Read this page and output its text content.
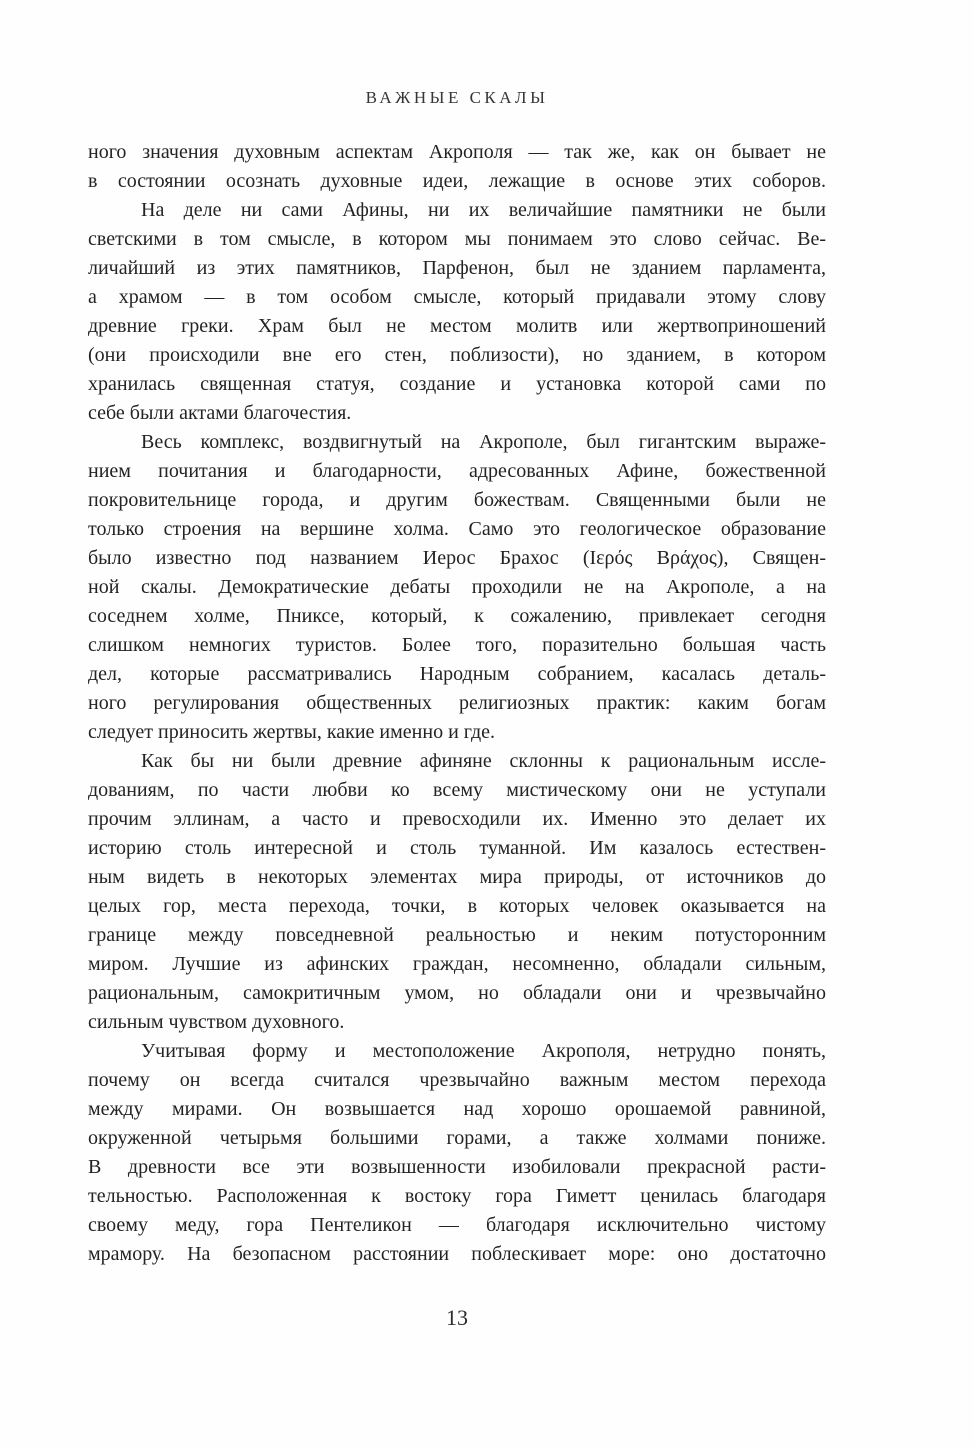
ВАЖНЫЕ СКАЛЫ
ного значения духовным аспектам Акрополя — так же, как он бывает не
в состоянии осознать духовные идеи, лежащие в основе этих соборов.
На деле ни сами Афины, ни их величайшие памятники не были
светскими в том смысле, в котором мы понимаем это слово сейчас. Ве-
личайший из этих памятников, Парфенон, был не зданием парламента,
а храмом — в том особом смысле, который придавали этому слову
древние греки. Храм был не местом молитв или жертвоприношений
(они происходили вне его стен, поблизости), но зданием, в котором
хранилась священная статуя, создание и установка которой сами по
себе были актами благочестия.
Весь комплекс, воздвигнутый на Акрополе, был гигантским выраже-
нием почитания и благодарности, адресованных Афине, божественной
покровительнице города, и другим божествам. Священными были не
только строения на вершине холма. Само это геологическое образование
было известно под названием Иерос Брахос (Ιερός Βράχος), Священ-
ной скалы. Демократические дебаты проходили не на Акрополе, а на
соседнем холме, Пниксе, который, к сожалению, привлекает сегодня
слишком немногих туристов. Более того, поразительно большая часть
дел, которые рассматривались Народным собранием, касалась деталь-
ного регулирования общественных религиозных практик: каким богам
следует приносить жертвы, какие именно и где.
Как бы ни были древние афиняне склонны к рациональным иссле-
дованиям, по части любви ко всему мистическому они не уступали
прочим эллинам, а часто и превосходили их. Именно это делает их
историю столь интересной и столь туманной. Им казалось естествен-
ным видеть в некоторых элементах мира природы, от источников до
целых гор, места перехода, точки, в которых человек оказывается на
границе между повседневной реальностью и неким потусторонним
миром. Лучшие из афинских граждан, несомненно, обладали сильным,
рациональным, самокритичным умом, но обладали они и чрезвычайно
сильным чувством духовного.
Учитывая форму и местоположение Акрополя, нетрудно понять,
почему он всегда считался чрезвычайно важным местом перехода
между мирами. Он возвышается над хорошо орошаемой равниной,
окруженной четырьмя большими горами, а также холмами пониже.
В древности все эти возвышенности изобиловали прекрасной расти-
тельностью. Расположенная к востоку гора Гиметт ценилась благодаря
своему меду, гора Пентеликон — благодаря исключительно чистому
мрамору. На безопасном расстоянии поблескивает море: оно достаточно
13
